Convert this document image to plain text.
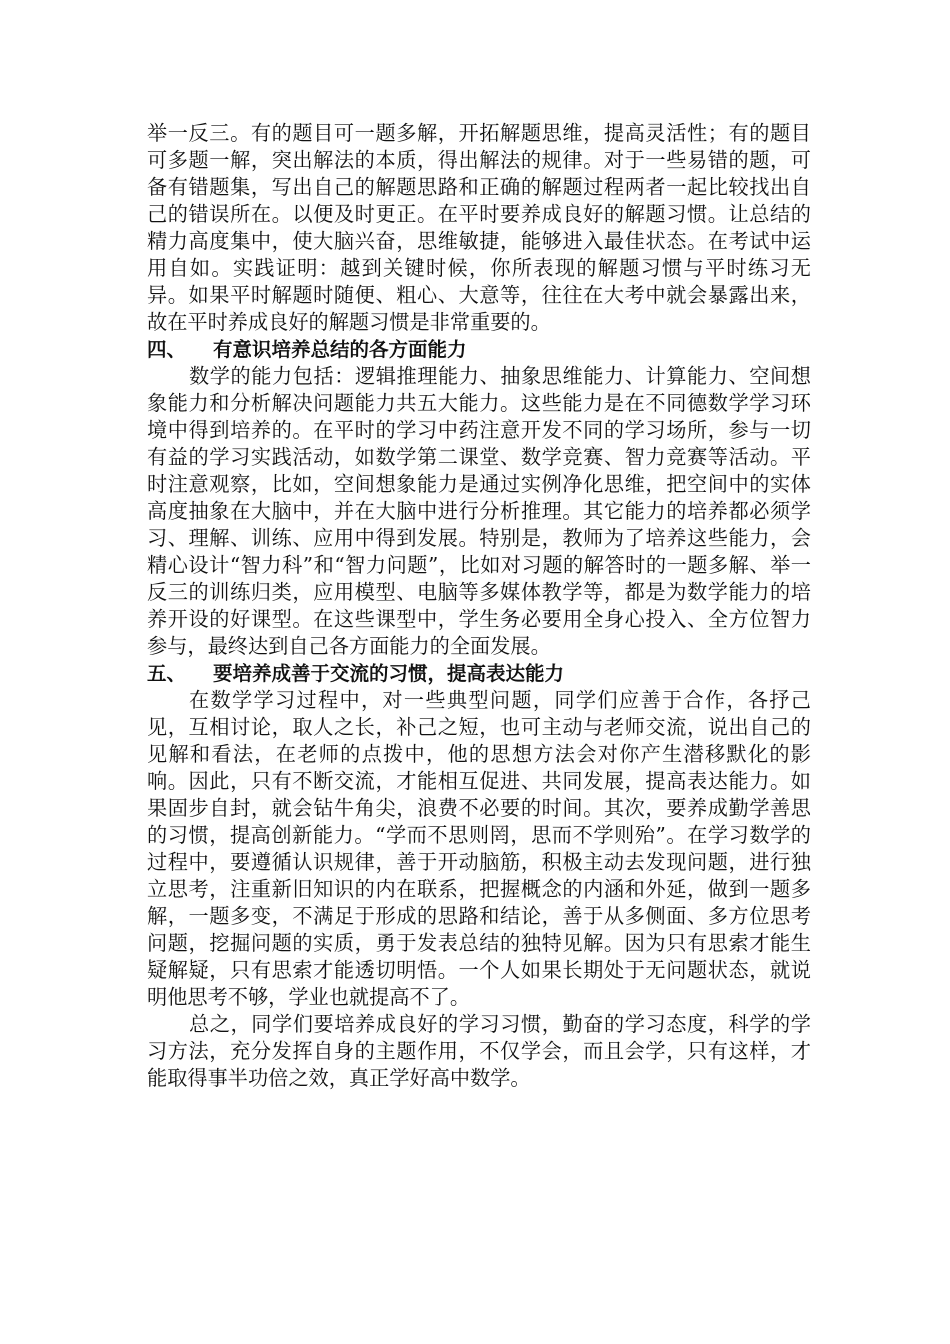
举一反三。有的题目可一题多解，开拓解题思维，提高灵活性；有的题目可多题一解，突出解法的本质，得出解法的规律。对于一些易错的题，可备有错题集，写出自己的解题思路和正确的解题过程两者一起比较找出自己的错误所在。以便及时更正。在平时要养成良好的解题习惯。让总结的精力高度集中，使大脑兴奋，思维敏捷，能够进入最佳状态。在考试中运用自如。实践证明：越到关键时候，你所表现的解题习惯与平时练习无异。如果平时解题时随便、粗心、大意等，往往在大考中就会暴露出来，故在平时养成良好的解题习惯是非常重要的。

四、 有意识培养总结的各方面能力

数学的能力包括：逻辑推理能力、抽象思维能力、计算能力、空间想象能力和分析解决问题能力共五大能力。这些能力是在不同德数学学习环境中得到培养的。在平时的学习中药注意开发不同的学习场所，参与一切有益的学习实践活动，如数学第二课堂、数学竞赛、智力竞赛等活动。平时注意观察，比如，空间想象能力是通过实例净化思维，把空间中的实体高度抽象在大脑中，并在大脑中进行分析推理。其它能力的培养都必须学习、理解、训练、应用中得到发展。特别是，教师为了培养这些能力，会精心设计“智力科”和“智力问题”，比如对习题的解答时的一题多解、举一反三的训练归类，应用模型、电脑等多媒体教学等，都是为数学能力的培养开设的好课型。在这些课型中，学生务必要用全身心投入、全方位智力参与，最终达到自己各方面能力的全面发展。

五、 要培养成善于交流的习惯，提高表达能力

在数学学习过程中，对一些典型问题，同学们应善于合作，各抒己见，互相讨论，取人之长，补己之短，也可主动与老师交流，说出自己的见解和看法，在老师的点拨中，他的思想方法会对你产生潜移默化的影响。因此，只有不断交流，才能相互促进、共同发展，提高表达能力。如果固步自封，就会钻牛角尖，浪费不必要的时间。其次，要养成勤学善思的习惯，提高创新能力。“学而不思则罔，思而不学则殆”。在学习数学的过程中，要遵循认识规律，善于开动脑筋，积极主动去发现问题，进行独立思考，注重新旧知识的内在联系，把握概念的内涵和外延，做到一题多解，一题多变，不满足于形成的思路和结论，善于从多侧面、多方位思考问题，挖掘问题的实质，勇于发表总结的独特见解。因为只有思索才能生疑解疑，只有思索才能透切明悟。一个人如果长期处于无问题状态，就说明他思考不够，学业也就提高不了。

总之，同学们要培养成良好的学习习惯，勤奋的学习态度，科学的学习方法，充分发挥自身的主题作用，不仅学会，而且会学，只有这样，才能取得事半功倍之效，真正学好高中数学。
